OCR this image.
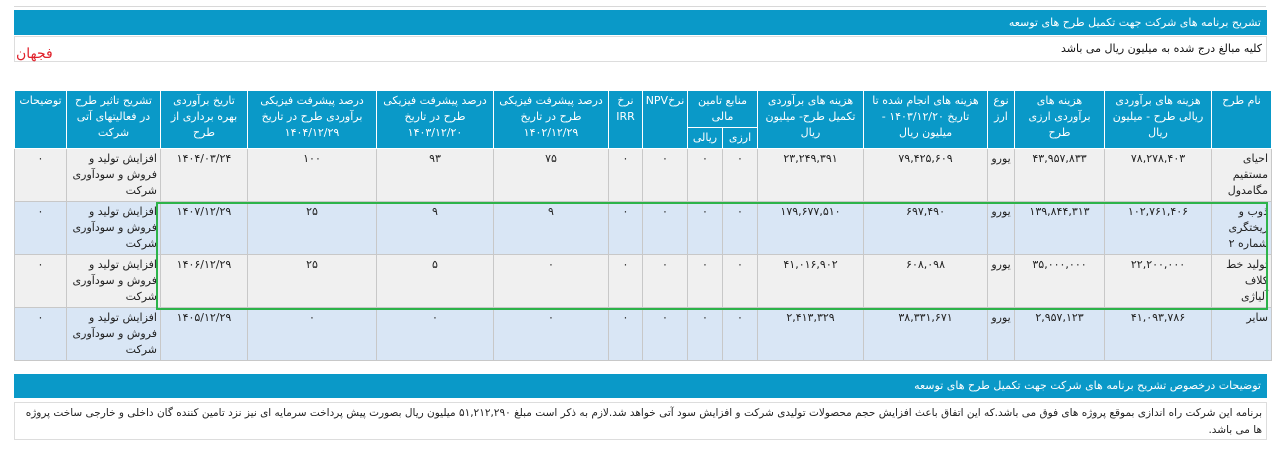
تشریح برنامه های شرکت جهت تکمیل طرح های توسعه
کلیه مبالغ درج شده به میلیون ریال می باشد
فجهان
نام طرح	هزینه های برآوردی ریالی طرح - میلیون ریال	هزینه های برآوردی ارزی طرح	نوع ارز	هزینه های انجام شده تا تاریخ ۱۴۰۳/۱۲/۲۰ - میلیون ریال	هزینه های برآوردی تکمیل طرح- میلیون ریال	منابع تامین مالی		نرخNPV	نرخ IRR	درصد پیشرفت فیزیکی طرح در تاریخ ۱۴۰۲/۱۲/۲۹	درصد پیشرفت فیزیکی طرح در تاریخ ۱۴۰۳/۱۲/۲۰	درصد پیشرفت فیزیکی برآوردی طرح در تاریخ ۱۴۰۴/۱۲/۲۹	تاریخ برآوردی بهره برداری از طرح	تشریح تاثیر طرح در فعالیتهای آتی شرکت	توضیحات
						ارزی	ریالی								
احیای مستقیم مگامدول	۷۸,۲۷۸,۴۰۳	۴۳,۹۵۷,۸۳۳	یورو	۷۹,۴۲۵,۶۰۹	۲۳,۲۴۹,۳۹۱	۰	۰	۰	۰	۷۵	۹۳	۱۰۰	۱۴۰۴/۰۳/۲۴	افزایش تولید و فروش و سودآوری شرکت	۰
ذوب و ریختگری شماره ۲	۱۰۲,۷۶۱,۴۰۶	۱۳۹,۸۴۴,۳۱۳	یورو	۶۹۷,۴۹۰	۱۷۹,۶۷۷,۵۱۰	۰	۰	۰	۰	۹	۹	۲۵	۱۴۰۷/۱۲/۲۹	افزایش تولید و فروش و سودآوری شرکت	۰
تولید خط کلاف آلیاژی	۲۲,۲۰۰,۰۰۰	۳۵,۰۰۰,۰۰۰	یورو	۶۰۸,۰۹۸	۴۱,۰۱۶,۹۰۲	۰	۰	۰	۰	۰	۵	۲۵	۱۴۰۶/۱۲/۲۹	افزایش تولید و فروش و سودآوری شرکت	۰
سایر	۴۱,۰۹۳,۷۸۶	۲,۹۵۷,۱۲۳	یورو	۳۸,۳۳۱,۶۷۱	۲,۴۱۳,۳۲۹	۰	۰	۰	۰	۰	۰	۰	۱۴۰۵/۱۲/۲۹	افزایش تولید و فروش و سودآوری شرکت	۰
توضیحات درخصوص تشریح برنامه های شرکت جهت تکمیل طرح های توسعه
برنامه این شرکت راه اندازی بموقع پروژه های فوق می باشد.که این اتفاق باعث افزایش حجم محصولات تولیدی شرکت و افزایش سود آتی خواهد شد.لازم به ذکر است مبلغ ۵۱,۲۱۲,۲۹۰ میلیون ریال بصورت پیش پرداخت سرمایه ای نیز نزد تامین کننده گان داخلی و خارجی ساخت پروژه ها می باشد.
